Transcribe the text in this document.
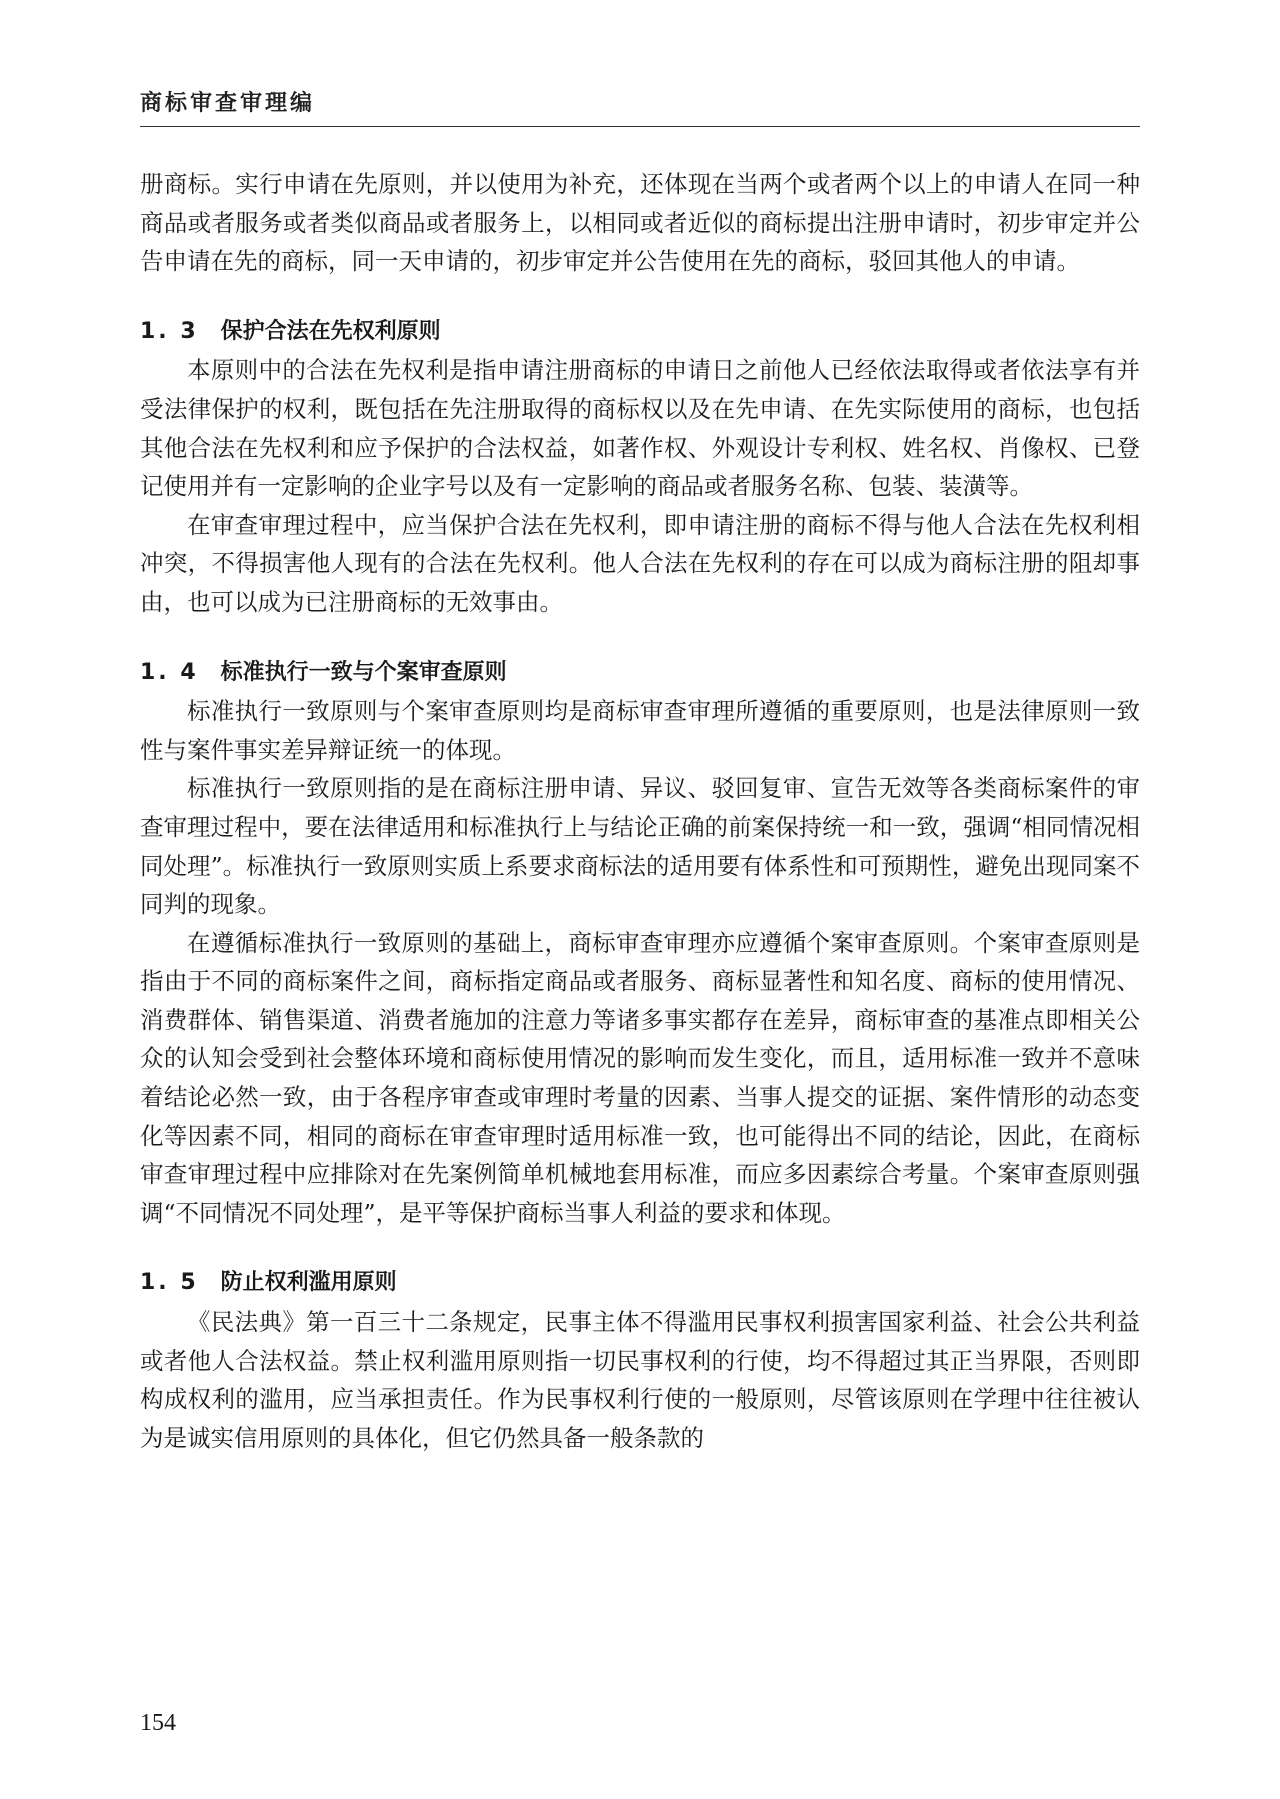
商标审查审理编

册商标。实行申请在先原则，并以使用为补充，还体现在当两个或者两个以上的申请人在同一种商品或者服务或者类似商品或者服务上，以相同或者近似的商标提出注册申请时，初步审定并公告申请在先的商标，同一天申请的，初步审定并公告使用在先的商标，驳回其他人的申请。

1. 3 保护合法在先权利原则

本原则中的合法在先权利是指申请注册商标的申请日之前他人已经依法取得或者依法享有并受法律保护的权利，既包括在先注册取得的商标权以及在先申请、在先实际使用的商标，也包括其他合法在先权利和应予保护的合法权益，如著作权、外观设计专利权、姓名权、肖像权、已登记使用并有一定影响的企业字号以及有一定影响的商品或者服务名称、包装、装潢等。

在审查审理过程中，应当保护合法在先权利，即申请注册的商标不得与他人合法在先权利相冲突，不得损害他人现有的合法在先权利。他人合法在先权利的存在可以成为商标注册的阻却事由，也可以成为已注册商标的无效事由。

1. 4 标准执行一致与个案审查原则

标准执行一致原则与个案审查原则均是商标审查审理所遵循的重要原则，也是法律原则一致性与案件事实差异辩证统一的体现。

标准执行一致原则指的是在商标注册申请、异议、驳回复审、宣告无效等各类商标案件的审查审理过程中，要在法律适用和标准执行上与结论正确的前案保持统一和一致，强调“相同情况相同处理”。标准执行一致原则实质上系要求商标法的适用要有体系性和可预期性，避免出现同案不同判的现象。

在遵循标准执行一致原则的基础上，商标审查审理亦应遵循个案审查原则。个案审查原则是指由于不同的商标案件之间，商标指定商品或者服务、商标显著性和知名度、商标的使用情况、消费群体、销售渠道、消费者施加的注意力等诸多事实都存在差异，商标审查的基准点即相关公众的认知会受到社会整体环境和商标使用情况的影响而发生变化，而且，适用标准一致并不意味着结论必然一致，由于各程序审查或审理时考量的因素、当事人提交的证据、案件情形的动态变化等因素不同，相同的商标在审查审理时适用标准一致，也可能得出不同的结论，因此，在商标审查审理过程中应排除对在先案例简单机械地套用标准，而应多因素综合考量。个案审查原则强调“不同情况不同处理”，是平等保护商标当事人利益的要求和体现。

1. 5 防止权利滥用原则

《民法典》第一百三十二条规定，民事主体不得滥用民事权利损害国家利益、社会公共利益或者他人合法权益。禁止权利滥用原则指一切民事权利的行使，均不得超过其正当界限，否则即构成权利的滥用，应当承担责任。作为民事权利行使的一般原则，尽管该原则在学理中往往被认为是诚实信用原则的具体化，但它仍然具备一般条款的

154
